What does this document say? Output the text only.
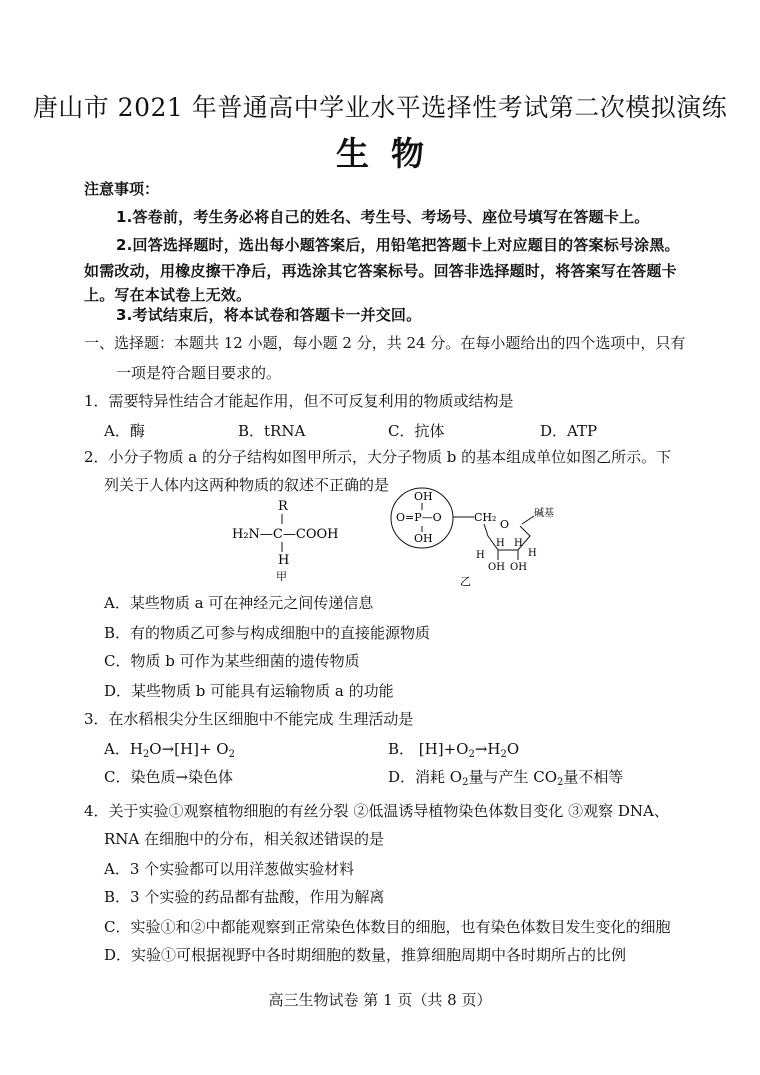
唐山市 2021 年普通高中学业水平选择性考试第二次模拟演练
生物
注意事项：
1.答卷前，考生务必将自己的姓名、考生号、考场号、座位号填写在答题卡上。
2.回答选择题时，选出每小题答案后，用铅笔把答题卡上对应题目的答案标号涂黑。
如需改动，用橡皮擦干净后，再选涂其它答案标号。回答非选择题时，将答案写在答题卡
上。写在本试卷上无效。
3.考试结束后，将本试卷和答题卡一并交回。
一、选择题：本题共 12 小题，每小题 2 分，共 24 分。在每小题给出的四个选项中，只有
一项是符合题目要求的。
1．需要特异性结合才能起作用，但不可反复利用的物质或结构是
A．酶	B．tRNA	C．抗体	D．ATP
2．小分子物质 a 的分子结构如图甲所示，大分子物质 b 的基本组成单位如图乙所示。下
列关于人体内这两种物质的叙述不正确的是
R
H₂N—C—COOH
H
甲
OH
O=P—O
OH
CH₂
O
碱基
H
H H
H
OH OH
乙
A．某些物质 a 可在神经元之间传递信息
B．有的物质乙可参与构成细胞中的直接能源物质
C．物质 b 可作为某些细菌的遗传物质
D．某些物质 b 可能具有运输物质 a 的功能
3．在水稻根尖分生区细胞中不能完成 生理活动是
A．$H_2O\to[H]+ O_2$	B． $[H]+O_2\to H_2O$
C．染色质→染色体	D．消耗 $O_2$量与产生 $CO_2$量不相等
4．关于实验①观察植物细胞的有丝分裂 ②低温诱导植物染色体数目变化 ③观察 DNA、
RNA 在细胞中的分布，相关叙述错误的是
A．3 个实验都可以用洋葱做实验材料
B．3 个实验的药品都有盐酸，作用为解离
C．实验①和②中都能观察到正常染色体数目的细胞，也有染色体数目发生变化的细胞
D．实验①可根据视野中各时期细胞的数量，推算细胞周期中各时期所占的比例
高三生物试卷 第 1 页（共 8 页）
